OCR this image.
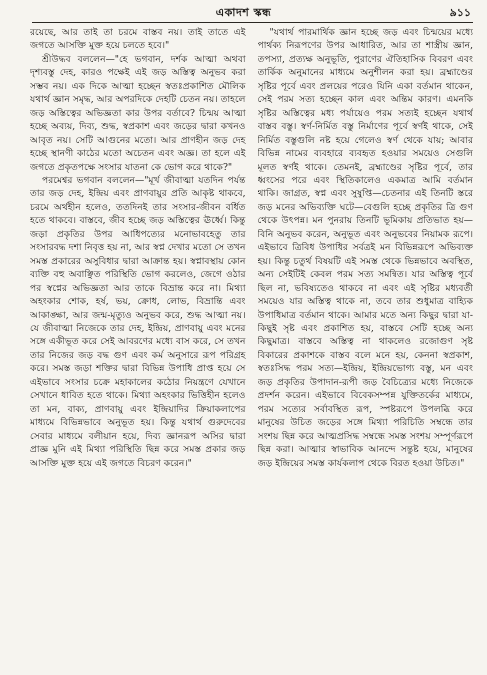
একাদশ স্কন্ধ	৯১১

রয়েছে, আর তাই তা চরমে বাস্তব নয়। তাই তাতে এই জগতে আসক্তি মুক্ত হয়ে চলতে হবে।"

শ্রীউদ্ধব বললেন—"হে ভগবান, দর্শক আত্মা অথবা দৃশ্যবস্তু দেহ, কারও পক্ষেই এই জড় অস্তিত্ব অনুভব করা সম্ভব নয়। এক দিকে আত্মা হচ্ছেন স্বতঃপ্রকাশিত মৌলিক যথার্থ জ্ঞান সমৃদ্ধ, আর অপরদিকে দেহটি চেতন নয়। তাহলে জড় অস্তিত্বের অভিজ্ঞতা কার উপর বর্তাবে? চিন্ময় আত্মা হচ্ছে অব্যয়, দিব্য, শুদ্ধ, স্বপ্রকাশ এবং জড়ের দ্বারা কখনও আবৃত নয়। সেটি আগুনের মতো। আর প্রাণহীন জড় দেহ হচ্ছে স্থানণী কাঠের মতো অচেতন এবং অজ্ঞ। তা হলে এই জগতে প্রকৃতপক্ষে সংসার যাতনা কে ভোগ করে থাকে?"

পরমেশ্বর ভগবান বললেন—"মূর্খ জীবাত্মা যতদিন পর্যন্ত তার জড় দেহ, ইন্দ্রিয় এবং প্রাণবায়ুর প্রতি আকৃষ্ট থাকবে, চরমে অর্থহীন হলেও, ততদিনই তার সংসার-জীবন বর্ধিত হতে থাকবে। বাস্তবে, জীব হচ্ছে জড় অস্তিত্বের ঊর্ধ্বে। কিন্তু জড়া প্রকৃতির উপর আধিপত্যের মনোভাবহেতু তার সংসারবদ্ধ দশা নিবৃত্ত হয় না, আর স্বপ্ন দেখার মতো সে তখন সমস্ত প্রকারের অসুবিধার দ্বারা আক্রান্ত হয়। স্বপ্নাবস্থায় কোন ব্যক্তি বহু অবাঞ্ছিত পরিস্থিতি ভোগ করলেও, জেগে ওঠার পর স্বপ্নের অভিজ্ঞতা আর তাকে বিভ্রান্ত করে না। মিথ্যা অহংকার শোক, হর্ষ, ভয়, ক্রোধ, লোভ, বিভ্রান্তি এবং আকাঙ্ক্ষা, আর জন্ম-মৃত্যুও অনুভব করে, শুদ্ধ আত্মা নয়। যে জীবাত্মা নিজেকে তার দেহ, ইন্দ্রিয়, প্রাণবায়ু এবং মনের সঙ্গে একীভূত করে সেই আবরণের মধ্যে বাস করে, সে তখন তার নিজের জড় বদ্ধ গুণ এবং কর্ম অনুসারে রূপ পরিগ্রহ করে। সমস্ত জড়া শক্তির দ্বারা বিভিন্ন উপাধি প্রাপ্ত হয়ে সে এইভাবে সংসার চক্রে মহাকালের কঠোর নিয়ন্ত্রণে যেখানে সেখানে ধাবিত হতে থাকে। মিথ্যা অহংকার ভিত্তিহীন হলেও তা মন, বাক্য, প্রাণবায়ু এবং ইন্দ্রিয়াদির ক্রিয়াকলাপের মাধ্যমে বিভিন্নভাবে অনুভূত হয়। কিন্তু যথার্থ গুরুদেবের সেবার মাধ্যমে বলীয়ান হয়ে, দিব্য জ্ঞানরূপ অসির দ্বারা প্রাজ্ঞ মুনি এই মিথ্যা পরিস্থিতি ছিন্ন করে সমস্ত প্রকার জড় আসক্তি মুক্ত হয়ে এই জগতে বিচরণ করেন।"

"যথার্থ পারমার্থিক জ্ঞান হচ্ছে জড় এবং চিন্ময়ের মধ্যে পার্থক্য নিরূপণের উপর আধারিত, আর তা শাস্ত্রীয় জ্ঞান, তপস্যা, প্রত্যক্ষ অনুভূতি, পুরাণের ঐতিহাসিক বিবরণ এবং তার্কিক অনুমানের মাধ্যমে অনুশীলন করা হয়। ব্রহ্মাণ্ডের সৃষ্টির পূর্বে এবং প্রলয়ের পরেও যিনি একা বর্তমান থাকেন, সেই পরম সত্য হচ্ছেন কাল এবং অন্তিম কারণ। এমনকি সৃষ্টির অস্তিত্বের মধ্য পর্যায়েও পরম সত্যই হচ্ছেন যথার্থ বাস্তব বস্তু। স্বর্ণ-নির্মিত বস্তু নির্মাণের পূর্বে স্বর্ণই থাকে, সেই নির্মিত বস্তুগুলি নষ্ট হয়ে গেলেও স্বর্ণ থেকে যায়; আবার বিভিন্ন নামের ব্যবহারে ব্যবহৃত হওয়ার সময়েও সেগুলি মূলত স্বর্ণই থাকে। তেমনই, ব্রহ্মাণ্ডের সৃষ্টির পূর্বে, তার ধ্বংসের পরে এবং স্থিতিকালেও একমাত্র আমি বর্তমান থাকি। জাগ্রত, স্বপ্ন এবং সুষুপ্তি—চেতনার এই তিনটি স্তরে জড় মনের অভিব্যক্তি ঘটে—বেগুলি হচ্ছে প্রকৃতির ত্রি গুণ থেকে উৎপন্ন। মন পুনরায় তিনটি ভূমিকায় প্রতিভাত হয়—বিনি অনুভব করেন, অনুভূত এবং অনুভবের নিয়ামক রূপে। এইভাবে ত্রিবিধ উপাধির সর্বত্রই মন বিভিন্নরূপে অভিব্যক্ত হয়। কিন্তু চতুর্থ বিষয়টি এই সমস্ত থেকে ভিন্নভাবে অবস্থিত, অন্য সেইটিই কেবল পরম সত্য সমন্বিত। যার অস্তিত্ব পূর্বে ছিল না, ভবিষ্যতেও থাকবে না এবং এই সৃষ্টির মধ্যবর্তী সময়েও যার অস্তিত্ব থাকে না, তবে তার শুধুমাত্র বাহ্যিক উপাধিমাত্র বর্তমান থাকে। আমার মতে অন্য কিছুর দ্বারা যা-কিছুই সৃষ্ট এবং প্রকাশিত হয়, বাস্তবে সেটি হচ্ছে অন্য কিছুমাত্র। বাস্তবে অস্তিত্ব না থাকলেও রজোগুণ সৃষ্ট বিকারের প্রকাশকে বাস্তব বলে মনে হয়, কেননা স্বপ্রকাশ, স্বতঃসিদ্ধ পরম সত্য—ইন্দ্রিয়, ইন্দ্রিয়ভোগ্য বস্তু, মন এবং জড় প্রকৃতির উপাদান-রূপী জড় বৈচিত্র্যের মধ্যে নিজেকে প্রদর্শন করেন। এইভাবে বিবেকসম্পন্ন যুক্তিতর্কের মাধ্যমে, পরম সত্যের সর্বাবস্থিত রূপ, স্পষ্টরূপে উপলব্ধি করে মানুষের উচিত জড়ের সঙ্গে মিথ্যা পরিচিতি সম্বন্ধে তার সংশয় ছিন্ন করে আত্মপ্রসিদ্ধ সম্বন্ধে সমস্ত সংশয় সম্পূর্ণরূপে ছিন্ন করা। আত্মার স্বাভাবিক আনন্দে সন্তুষ্ট হয়ে, মানুষের জড় ইন্দ্রিয়ের সমস্ত কার্যকলাপ থেকে বিরত হওয়া উচিত।"
